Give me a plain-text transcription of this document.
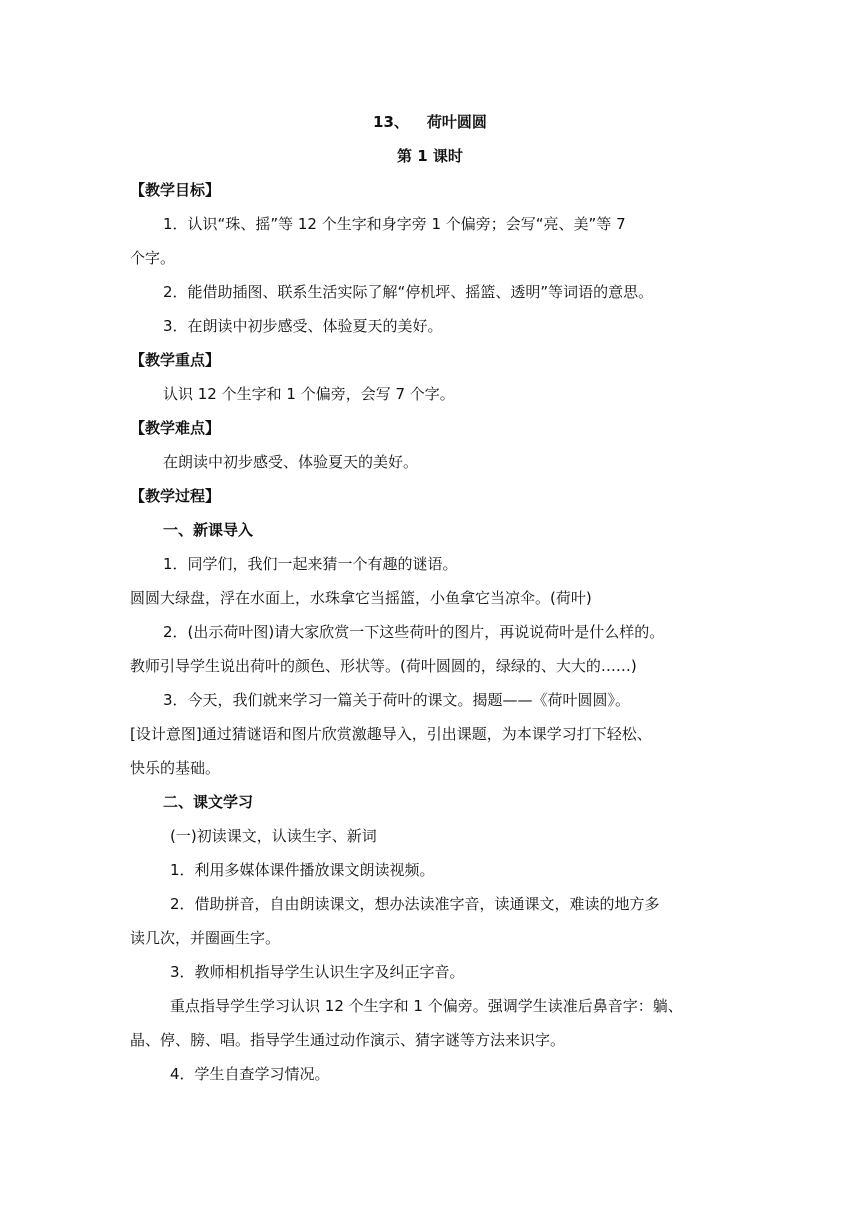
13、 荷叶圆圆
第 1 课时
【教学目标】
1．认识“珠、摇”等 12 个生字和身字旁 1 个偏旁；会写“亮、美”等 7
个字。
2．能借助插图、联系生活实际了解“停机坪、摇篮、透明”等词语的意思。
3．在朗读中初步感受、体验夏天的美好。
【教学重点】
认识 12 个生字和 1 个偏旁，会写 7 个字。
【教学难点】
在朗读中初步感受、体验夏天的美好。
【教学过程】
一、新课导入
1．同学们，我们一起来猜一个有趣的谜语。
圆圆大绿盘，浮在水面上，水珠拿它当摇篮，小鱼拿它当凉伞。(荷叶)
2．(出示荷叶图)请大家欣赏一下这些荷叶的图片，再说说荷叶是什么样的。
教师引导学生说出荷叶的颜色、形状等。(荷叶圆圆的，绿绿的、大大的……)
3．今天，我们就来学习一篇关于荷叶的课文。揭题——《荷叶圆圆》。
[设计意图]通过猜谜语和图片欣赏激趣导入，引出课题，为本课学习打下轻松、
快乐的基础。
二、课文学习
(一)初读课文，认读生字、新词
1．利用多媒体课件播放课文朗读视频。
2．借助拼音，自由朗读课文，想办法读准字音，读通课文，难读的地方多
读几次，并圈画生字。
3．教师相机指导学生认识生字及纠正字音。
重点指导学生学习认识 12 个生字和 1 个偏旁。强调学生读准后鼻音字：躺、
晶、停、膀、唱。指导学生通过动作演示、猜字谜等方法来识字。
4．学生自查学习情况。
